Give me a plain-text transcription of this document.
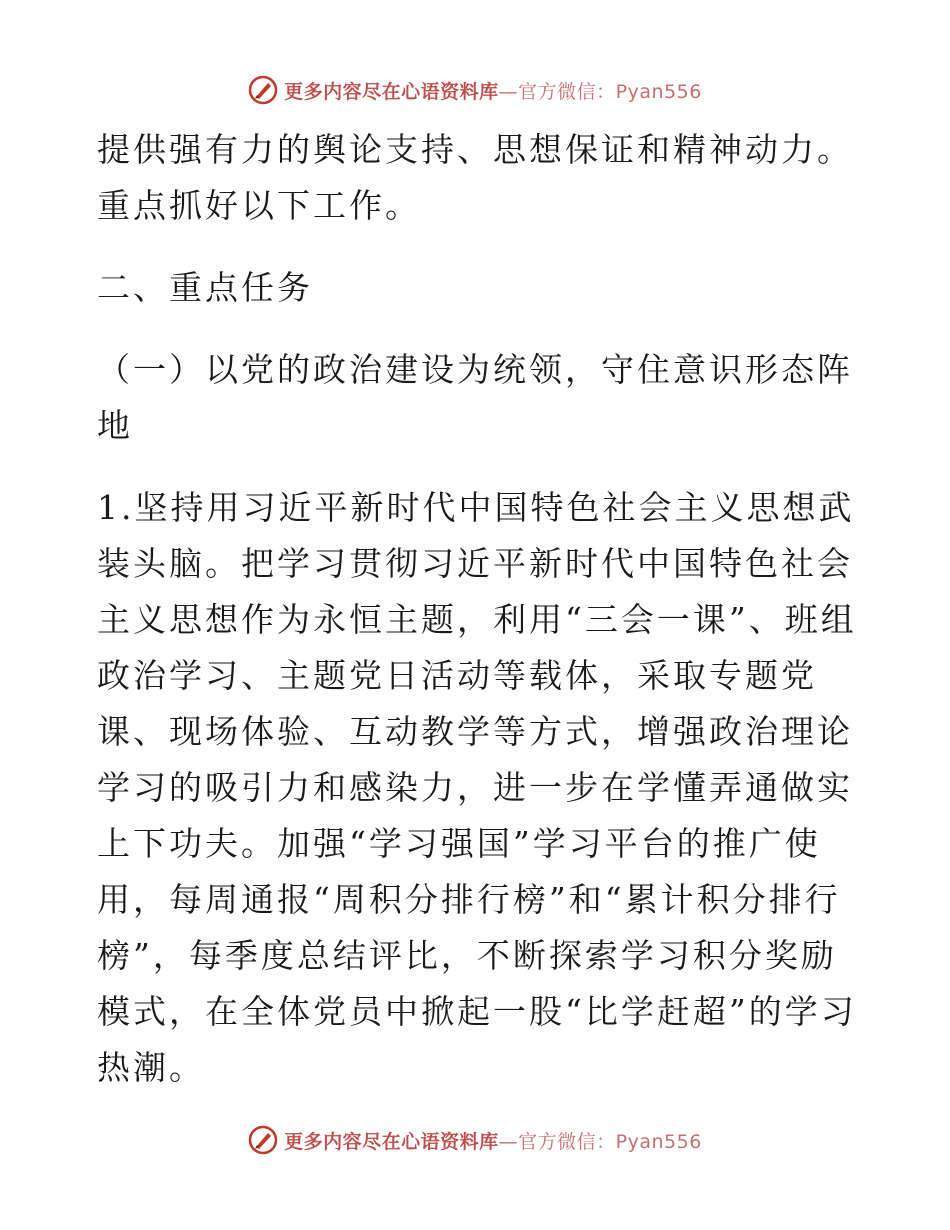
更多内容尽在心语资料库—官方微信：Pyan556

提供强有力的舆论支持、思想保证和精神动力。重点抓好以下工作。

二、重点任务

（一）以党的政治建设为统领，守住意识形态阵地

1.坚持用习近平新时代中国特色社会主义思想武装头脑。把学习贯彻习近平新时代中国特色社会主义思想作为永恒主题，利用“三会一课”、班组政治学习、主题党日活动等载体，采取专题党课、现场体验、互动教学等方式，增强政治理论学习的吸引力和感染力，进一步在学懂弄通做实上下功夫。加强“学习强国”学习平台的推广使用，每周通报“周积分排行榜”和“累计积分排行榜”，每季度总结评比，不断探索学习积分奖励模式，在全体党员中掀起一股“比学赶超”的学习热潮。

更多内容尽在心语资料库—官方微信：Pyan556
